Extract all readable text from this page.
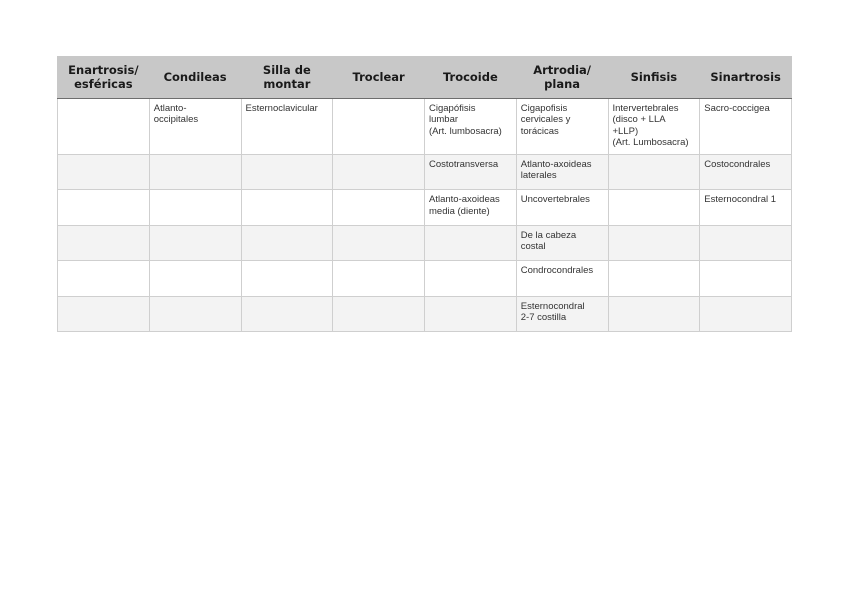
Enartrosis/
esféricas	Condileas	Silla de
montar	Troclear	Trocoide	Artrodia/
plana	Sinfisis	Sinartrosis
	Atlanto-
occipitales	Esternoclavicular		Cigapófisis
lumbar
(Art. lumbosacra)	Cigapofisis
cervicales y
torácicas	Intervertebrales
(disco + LLA
+LLP)
(Art. Lumbosacra)	Sacro-coccigea
				Costotransversa	Atlanto-axoideas
laterales		Costocondrales
				Atlanto-axoideas
media (diente)	Uncovertebrales		Esternocondral 1
					De la cabeza
costal		
					Condrocondrales		
					Esternocondral
2-7 costilla		
